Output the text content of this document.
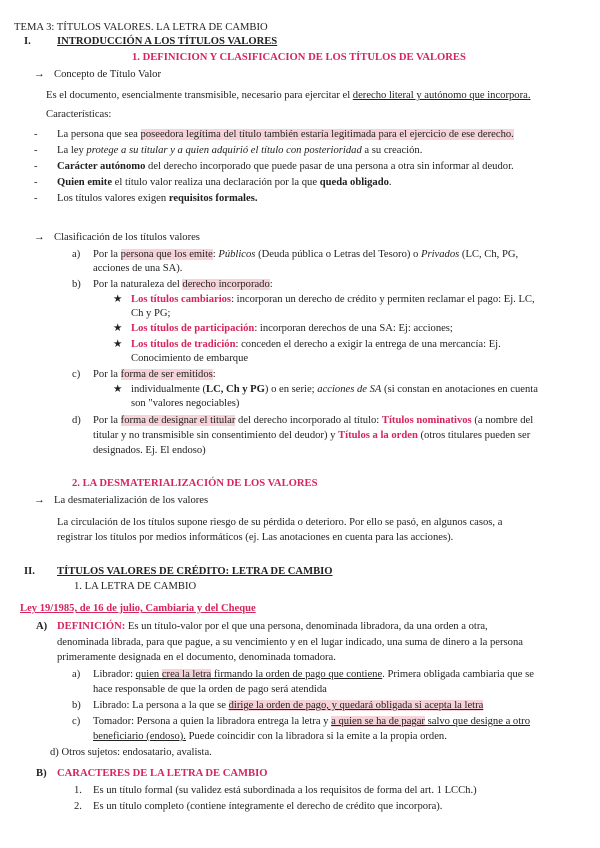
TEMA 3: TÍTULOS VALORES. LA LETRA DE CAMBIO
I. INTRODUCCIÓN A LOS TÍTULOS VALORES
1. DEFINICION Y CLASIFICACION DE LOS TÍTULOS DE VALORES
→ Concepto de Título Valor
Es el documento, esencialmente transmisible, necesario para ejercitar el derecho literal y autónomo que incorpora.
Características:
- La persona que sea poseedora legítima del título también estaría legitimada para el ejercicio de ese derecho.
- La ley protege a su titular y a quien adquirió el título con posterioridad a su creación.
- Carácter autónomo del derecho incorporado que puede pasar de una persona a otra sin informar al deudor.
- Quien emite el título valor realiza una declaración por la que queda obligado.
- Los títulos valores exigen requisitos formales.
→ Clasificación de los títulos valores
a) Por la persona que los emite: Públicos (Deuda pública o Letras del Tesoro) o Privados (LC, Ch, PG,
acciones de una SA).
b) Por la naturaleza del derecho incorporado:
★ Los títulos cambiarios: incorporan un derecho de crédito y permiten reclamar el pago: Ej. LC,
Ch y PG;
★ Los títulos de participación: incorporan derechos de una SA: Ej: acciones;
★ Los títulos de tradición: conceden el derecho a exigir la entrega de una mercancía: Ej.
Conocimiento de embarque
c) Por la forma de ser emitidos:
★ individualmente (LC, Ch y PG) o en serie; acciones de SA (si constan en anotaciones en cuenta
son "valores negociables)
d) Por la forma de designar el titular del derecho incorporado al título: Títulos nominativos (a nombre del
titular y no transmisible sin consentimiento del deudor) y Títulos a la orden (otros titulares pueden ser
designados. Ej. El endoso)
2. LA DESMATERIALIZACIÓN DE LOS VALORES
→ La desmaterialización de los valores
La circulación de los títulos supone riesgo de su pérdida o deterioro. Por ello se pasó, en algunos casos, a
registrar los títulos por medios informáticos (ej. Las anotaciones en cuenta para las acciones).
II. TÍTULOS VALORES DE CRÉDITO: LETRA DE CAMBIO
1. LA LETRA DE CAMBIO
Ley 19/1985, de 16 de julio, Cambiaria y del Cheque
A) DEFINICIÓN: Es un título-valor por el que una persona, denominada libradora, da una orden a otra,
denominada librada, para que pague, a su vencimiento y en el lugar indicado, una suma de dinero a la persona
primeramente designada en el documento, denominada tomadora.
a) Librador: quien crea la letra firmando la orden de pago que contiene. Primera obligada cambiaria que se
hace responsable de que la orden de pago será atendida
b) Librado: La persona a la que se dirige la orden de pago, y quedará obligada si acepta la letra
c) Tomador: Persona a quien la libradora entrega la letra y a quien se ha de pagar salvo que designe a otro
beneficiario (endoso). Puede coincidir con la libradora si la emite a la propia orden.
d) Otros sujetos: endosatario, avalista.
B) CARACTERES DE LA LETRA DE CAMBIO
1. Es un título formal (su validez está subordinada a los requisitos de forma del art. 1 LCCh.)
2. Es un título completo (contiene íntegramente el derecho de crédito que incorpora).
